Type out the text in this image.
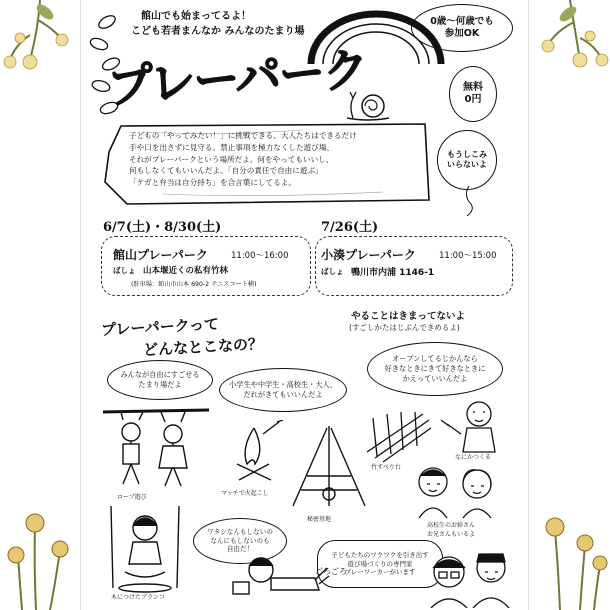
館山でも始まってるよ！
こども若者まんなか みんなのたまり場
プレーパーク
0歳〜何歳でも
参加OK
無料
0円
もうしこみ
いらないよ
子どもの「やってみたい！」に挑戦できる、大人たちはできるだけ
手や口を出さずに見守る。禁止事項を極力なくした遊び場、
それがプレーパークという場所だよ。何をやってもいいし、
何もしなくてもいいんだよ。「自分の責任で自由に遊ぶ」
「ケガと弁当は自分持ち」を合言葉にしてるよ。
6/7(土)・8/30(土)
館山プレーパーク	11:00〜16:00
ばしょ 山本堰近くの私有竹林
(駐車場：館山市山本 690-2 テニスコート横)
7/26(土)
小湊プレーパーク	11:00〜15:00
ばしょ 鴨川市内浦 1146-1
プレーパークって
どんなとこなの？
やることはきまってないよ
(すごしかたはじぶんできめるよ)
みんなが自由にすごせる
たまり場だよ	小学生や中学生・高校生・大人、
だれがきてもいいんだよ
オープンしてるじかんなら
好きなときにきて好きなときに
かえっていいんだよ
ロープ遊び
マッチで火起こし
秘密基地
竹すべり台
なにかつくる
高校生のお姉さん
お兄さんもいるよ
木につけたブランコ
ワタシなんもしないの
なんにもしないのも
自由だ！
ごろごろ
子どもたちのワクワクを引き出す
遊び場づくりの専門家
プレーワーカーがいます
